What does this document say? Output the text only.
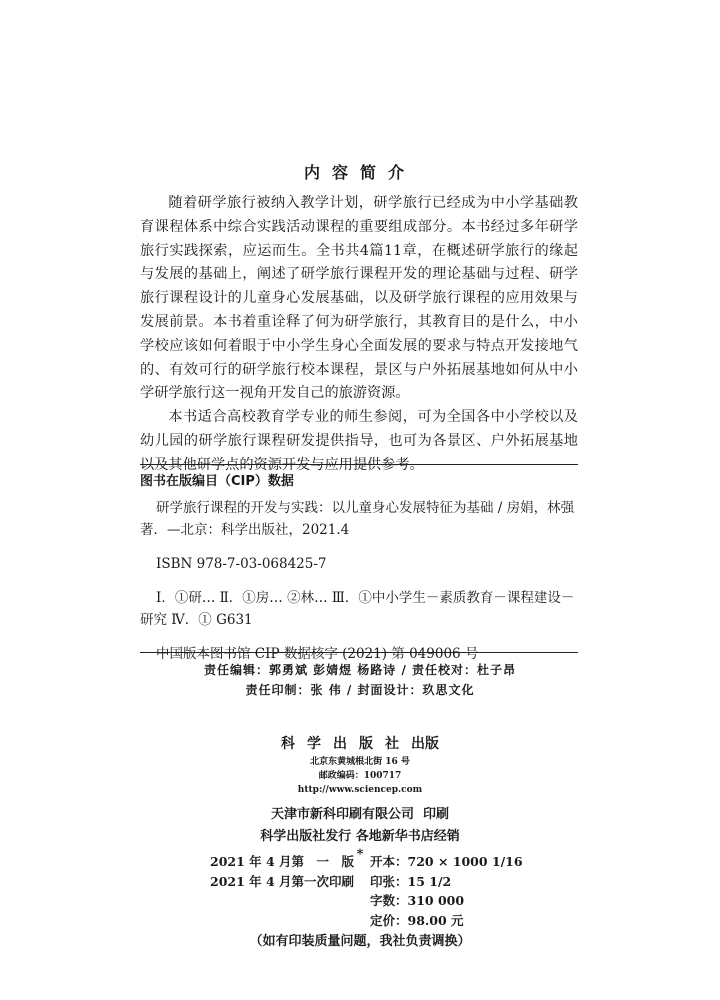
内容简介

随着研学旅行被纳入教学计划，研学旅行已经成为中小学基础教育课程体系中综合实践活动课程的重要组成部分。本书经过多年研学旅行实践探索，应运而生。全书共4篇11章，在概述研学旅行的缘起与发展的基础上，阐述了研学旅行课程开发的理论基础与过程、研学旅行课程设计的儿童身心发展基础，以及研学旅行课程的应用效果与发展前景。本书着重诠释了何为研学旅行，其教育目的是什么，中小学校应该如何着眼于中小学生身心全面发展的要求与特点开发接地气的、有效可行的研学旅行校本课程，景区与户外拓展基地如何从中小学研学旅行这一视角开发自己的旅游资源。

本书适合高校教育学专业的师生参阅，可为全国各中小学校以及幼儿园的研学旅行课程研发提供指导，也可为各景区、户外拓展基地以及其他研学点的资源开发与应用提供参考。

图书在版编目（CIP）数据

研学旅行课程的开发与实践：以儿童身心发展特征为基础 / 房娟，林强

著．—北京：科学出版社，2021.4

ISBN 978-7-03-068425-7

Ⅰ．①研… Ⅱ．①房… ②林… Ⅲ．①中小学生－素质教育－课程建设－

研究 Ⅳ．① G631

中国版本图书馆 CIP 数据核字 (2021) 第 049006 号

责任编辑：郭勇斌 彭婧煜 杨路诗 / 责任校对：杜子昂
责任印制：张 伟 / 封面设计：玖思文化
科学出版社出版
北京东黄城根北街 16 号
邮政编码：100717
http://www.sciencep.com
天津市新科印刷有限公司 印刷
科学出版社发行 各地新华书店经销
*
2021 年 4 月第　一　版 开本：720 × 1000 1/16
2021 年 4 月第一次印刷 印张：15 1/2
字数：310 000
定价：98.00 元
（如有印装质量问题，我社负责调换）
